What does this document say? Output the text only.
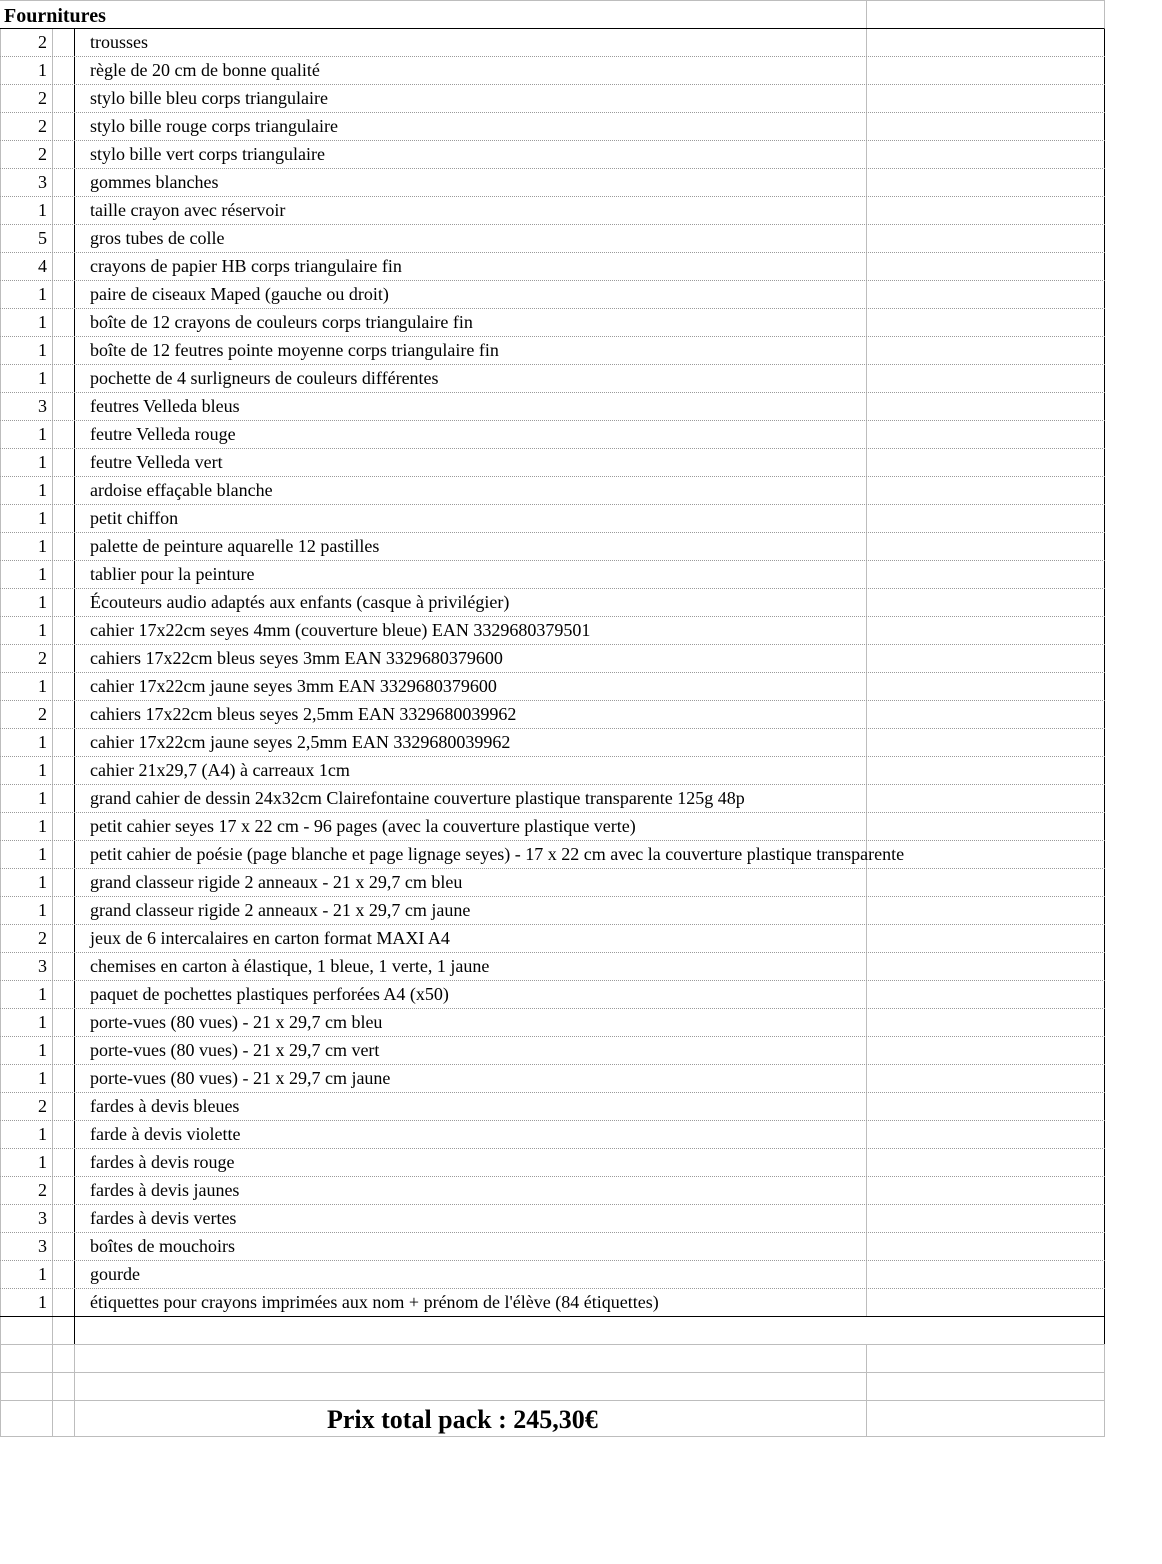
Fournitures
2	trousses
1	règle de 20 cm de bonne qualité
2	stylo bille bleu corps triangulaire
2	stylo bille rouge corps triangulaire
2	stylo bille vert corps triangulaire
3	gommes blanches
1	taille crayon avec réservoir
5	gros tubes de colle
4	crayons de papier HB corps triangulaire fin
1	paire de ciseaux Maped (gauche ou droit)
1	boîte de 12 crayons de couleurs corps triangulaire fin
1	boîte de 12 feutres pointe moyenne corps triangulaire fin
1	pochette de 4 surligneurs de couleurs différentes
3	feutres Velleda bleus
1	feutre Velleda rouge
1	feutre Velleda vert
1	ardoise effaçable blanche
1	petit chiffon
1	palette de peinture aquarelle 12 pastilles
1	tablier pour la peinture
1	Écouteurs audio adaptés aux enfants (casque à privilégier)
1	cahier 17x22cm seyes 4mm (couverture bleue) EAN 3329680379501
2	cahiers 17x22cm bleus seyes 3mm EAN 3329680379600
1	cahier 17x22cm jaune seyes 3mm EAN 3329680379600
2	cahiers 17x22cm bleus seyes 2,5mm EAN 3329680039962
1	cahier 17x22cm jaune seyes 2,5mm EAN 3329680039962
1	cahier 21x29,7 (A4) à carreaux 1cm
1	grand cahier de dessin 24x32cm Clairefontaine couverture plastique transparente 125g 48p
1	petit cahier seyes 17 x 22 cm - 96 pages (avec la couverture plastique verte)
1	petit cahier de poésie (page blanche et page lignage seyes) - 17 x 22 cm avec la couverture plastique transparente
1	grand classeur rigide 2 anneaux - 21 x 29,7 cm bleu
1	grand classeur rigide 2 anneaux - 21 x 29,7 cm jaune
2	jeux de 6 intercalaires en carton format MAXI A4
3	chemises en carton à élastique, 1 bleue, 1 verte, 1 jaune
1	paquet de pochettes plastiques perforées A4 (x50)
1	porte-vues (80 vues) - 21 x 29,7 cm bleu
1	porte-vues (80 vues) - 21 x 29,7 cm vert
1	porte-vues (80 vues) - 21 x 29,7 cm jaune
2	fardes à devis bleues
1	farde à devis violette
1	fardes à devis rouge
2	fardes à devis jaunes
3	fardes à devis vertes
3	boîtes de mouchoirs
1	gourde
1	étiquettes pour crayons imprimées aux nom + prénom de l'élève (84 étiquettes)
Prix total pack : 245,30€
